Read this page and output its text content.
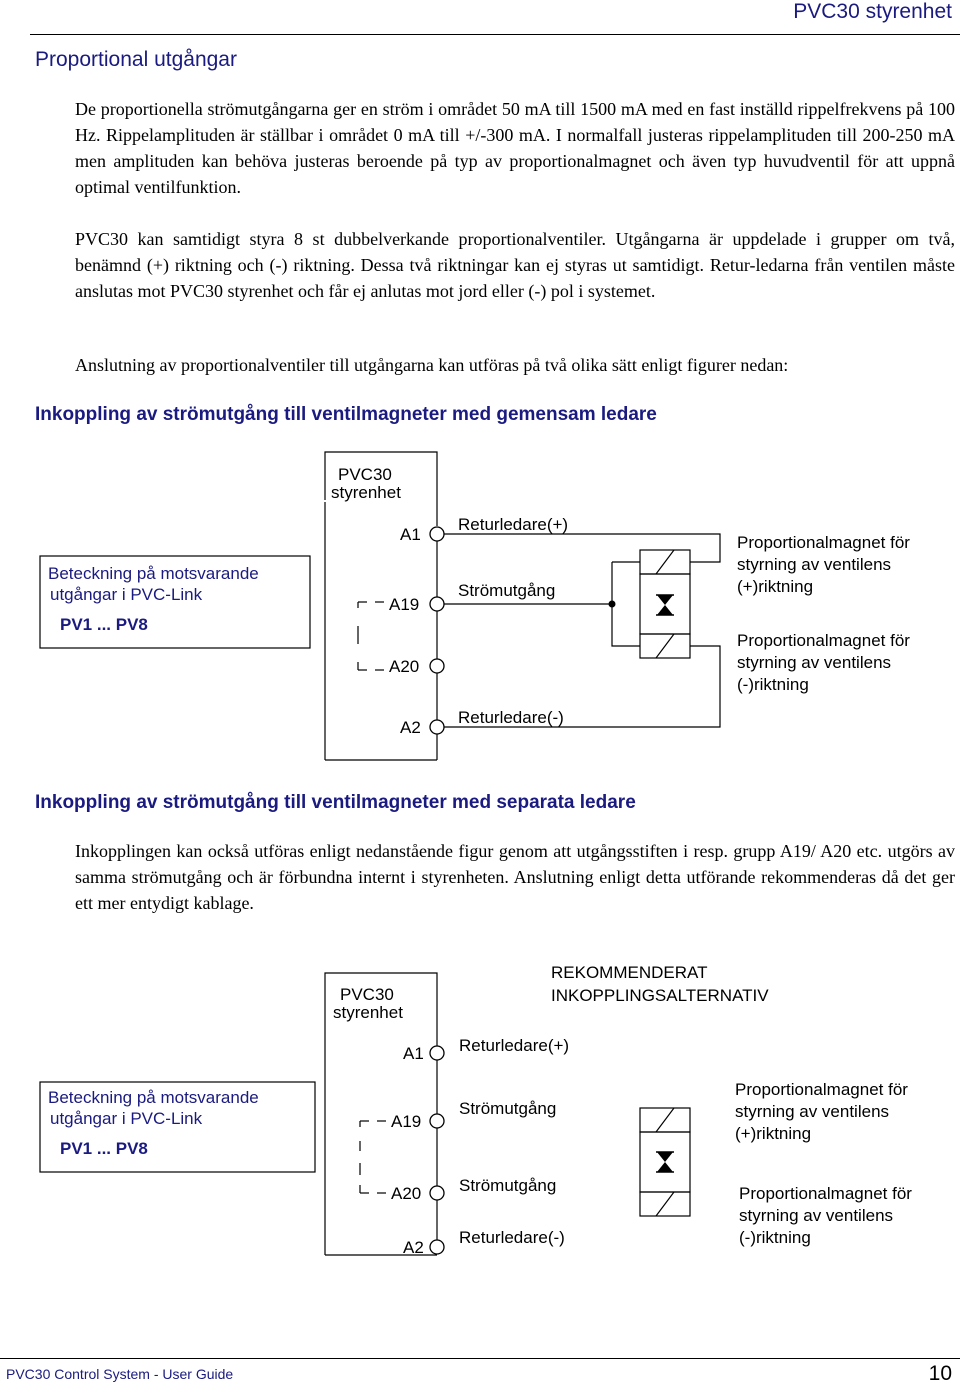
PVC30 styrenhet
Proportional utgångar

De proportionella strömutgångarna ger en ström i området 50 mA till 1500 mA med en fast inställd rippelfrekvens på 100 Hz. Rippelamplituden är ställbar i området 0 mA till +/-300 mA. I normalfall justeras rippelamplituden till 200-250 mA men amplituden kan behöva justeras beroende på typ av proportionalmagnet och även typ huvudventil för att uppnå optimal ventilfunktion.

PVC30 kan samtidigt styra 8 st dubbelverkande proportionalventiler. Utgångarna är uppdelade i grupper om två, benämnd (+) riktning och (-) riktning. Dessa två riktningar kan ej styras ut samtidigt. Retur-ledarna från ventilen måste anslutas mot PVC30 styrenhet och får ej anlutas mot jord eller (-) pol i systemet.

Anslutning av proportionalventiler till utgångarna kan utföras på två olika sätt enligt figurer nedan:

Inkoppling av strömutgång till ventilmagneter med gemensam ledare
PVC30
styrenhet
Beteckning på motsvarande
utgångar i PVC-Link
PV1 ... PV8
A1
A19
A20
A2
Returledare(+)
Strömutgång
Returledare(-)
Proportionalmagnet för
styrning av ventilens
(+)riktning
Proportionalmagnet för
styrning av ventilens
(-)riktning
Inkoppling av strömutgång till ventilmagneter med separata ledare

Inkopplingen kan också utföras enligt nedanstående figur genom att utgångsstiften i resp. grupp A19/ A20 etc. utgörs av samma strömutgång och är förbundna internt i styrenheten. Anslutning enligt detta utförande rekommenderas då det ger ett mer entydigt kablage.

REKOMMENDERAT
INKOPPLINGSALTERNATIV
PVC30
styrenhet
Beteckning på motsvarande
utgångar i PVC-Link
PV1 ... PV8
A1
A19
A20
A2
Returledare(+)
Strömutgång
Strömutgång
Returledare(-)
Proportionalmagnet för
styrning av ventilens
(+)riktning
Proportionalmagnet för
styrning av ventilens
(-)riktning
PVC30 Control System - User Guide	10
